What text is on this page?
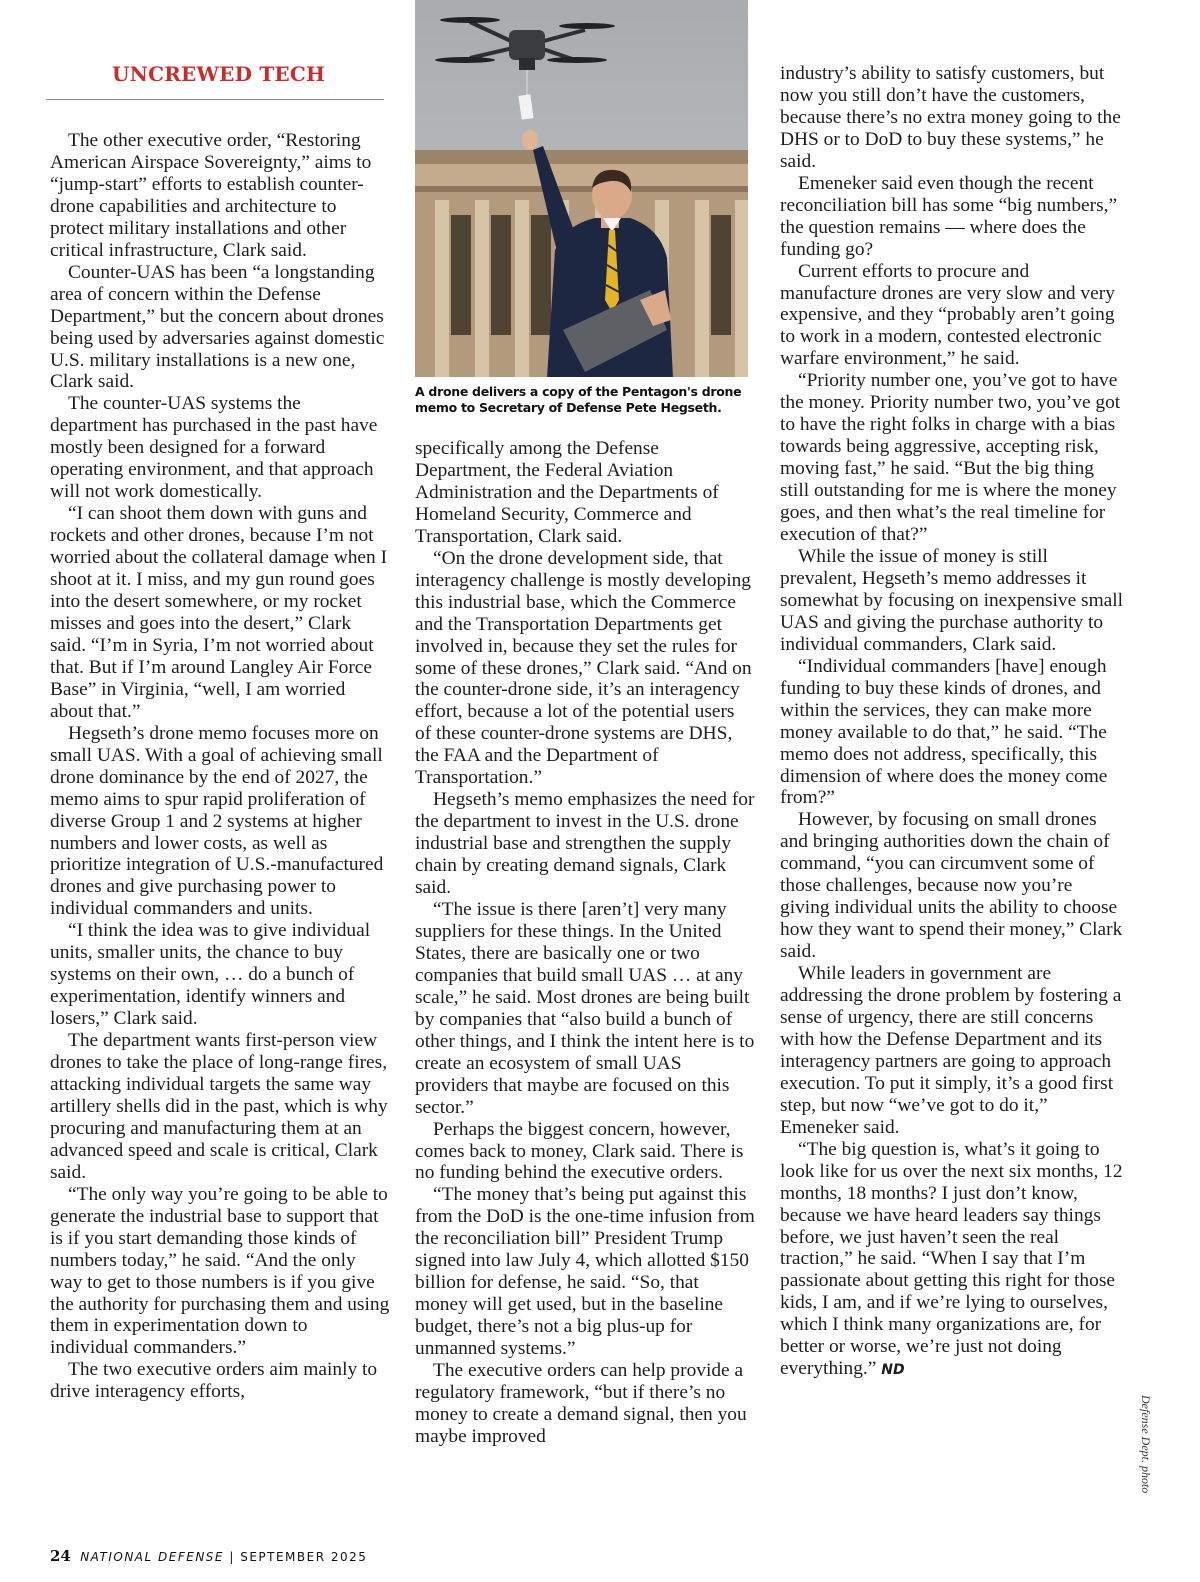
UNCREWED TECH

The other executive order, “Restoring American Airspace Sovereignty,” aims to “jump-start” efforts to establish counter-drone capabilities and architecture to protect military installations and other critical infrastructure, Clark said.

Counter-UAS has been “a longstanding area of concern within the Defense Department,” but the concern about drones being used by adversaries against domestic U.S. military installations is a new one, Clark said.

The counter-UAS systems the department has purchased in the past have mostly been designed for a forward operating environment, and that approach will not work domestically.

“I can shoot them down with guns and rockets and other drones, because I’m not worried about the collateral damage when I shoot at it. I miss, and my gun round goes into the desert somewhere, or my rocket misses and goes into the desert,” Clark said. “I’m in Syria, I’m not worried about that. But if I’m around Langley Air Force Base” in Virginia, “well, I am worried about that.”

Hegseth’s drone memo focuses more on small UAS. With a goal of achieving small drone dominance by the end of 2027, the memo aims to spur rapid proliferation of diverse Group 1 and 2 systems at higher numbers and lower costs, as well as prioritize integration of U.S.-manufactured drones and give purchasing power to individual commanders and units.

“I think the idea was to give individual units, smaller units, the chance to buy systems on their own, … do a bunch of experimentation, identify winners and losers,” Clark said.

The department wants first-person view drones to take the place of long-range fires, attacking individual targets the same way artillery shells did in the past, which is why procuring and manufacturing them at an advanced speed and scale is critical, Clark said.

“The only way you’re going to be able to generate the industrial base to support that is if you start demanding those kinds of numbers today,” he said. “And the only way to get to those numbers is if you give the authority for purchasing them and using them in experimentation down to individual commanders.”

The two executive orders aim mainly to drive interagency efforts,

A drone delivers a copy of the Pentagon's drone memo to Secretary of Defense Pete Hegseth.

specifically among the Defense Department, the Federal Aviation Administration and the Departments of Homeland Security, Commerce and Transportation, Clark said.

“On the drone development side, that interagency challenge is mostly developing this industrial base, which the Commerce and the Transportation Departments get involved in, because they set the rules for some of these drones,” Clark said. “And on the counter-drone side, it’s an interagency effort, because a lot of the potential users of these counter-drone systems are DHS, the FAA and the Department of Transportation.”

Hegseth’s memo emphasizes the need for the department to invest in the U.S. drone industrial base and strengthen the supply chain by creating demand signals, Clark said.

“The issue is there [aren’t] very many suppliers for these things. In the United States, there are basically one or two companies that build small UAS … at any scale,” he said. Most drones are being built by companies that “also build a bunch of other things, and I think the intent here is to create an ecosystem of small UAS providers that maybe are focused on this sector.”

Perhaps the biggest concern, however, comes back to money, Clark said. There is no funding behind the executive orders.

“The money that’s being put against this from the DoD is the one-time infusion from the reconciliation bill” President Trump signed into law July 4, which allotted $150 billion for defense, he said. “So, that money will get used, but in the baseline budget, there’s not a big plus-up for unmanned systems.”

The executive orders can help provide a regulatory framework, “but if there’s no money to create a demand signal, then you maybe improved

industry’s ability to satisfy customers, but now you still don’t have the customers, because there’s no extra money going to the DHS or to DoD to buy these systems,” he said.

Emeneker said even though the recent reconciliation bill has some “big numbers,” the question remains — where does the funding go?

Current efforts to procure and manufacture drones are very slow and very expensive, and they “probably aren’t going to work in a modern, contested electronic warfare environment,” he said.

“Priority number one, you’ve got to have the money. Priority number two, you’ve got to have the right folks in charge with a bias towards being aggressive, accepting risk, moving fast,” he said. “But the big thing still outstanding for me is where the money goes, and then what’s the real timeline for execution of that?”

While the issue of money is still prevalent, Hegseth’s memo addresses it somewhat by focusing on inexpensive small UAS and giving the purchase authority to individual commanders, Clark said.

“Individual commanders [have] enough funding to buy these kinds of drones, and within the services, they can make more money available to do that,” he said. “The memo does not address, specifically, this dimension of where does the money come from?”

However, by focusing on small drones and bringing authorities down the chain of command, “you can circumvent some of those challenges, because now you’re giving individual units the ability to choose how they want to spend their money,” Clark said.

While leaders in government are addressing the drone problem by fostering a sense of urgency, there are still concerns with how the Defense Department and its interagency partners are going to approach execution. To put it simply, it’s a good first step, but now “we’ve got to do it,” Emeneker said.

“The big question is, what’s it going to look like for us over the next six months, 12 months, 18 months? I just don’t know, because we have heard leaders say things before, we just haven’t seen the real traction,” he said. “When I say that I’m passionate about getting this right for those kids, I am, and if we’re lying to ourselves, which I think many organizations are, for better or worse, we’re just not doing everything.” ND

Defense Dept. photo
24 NATIONAL DEFENSE | SEPTEMBER 2025
